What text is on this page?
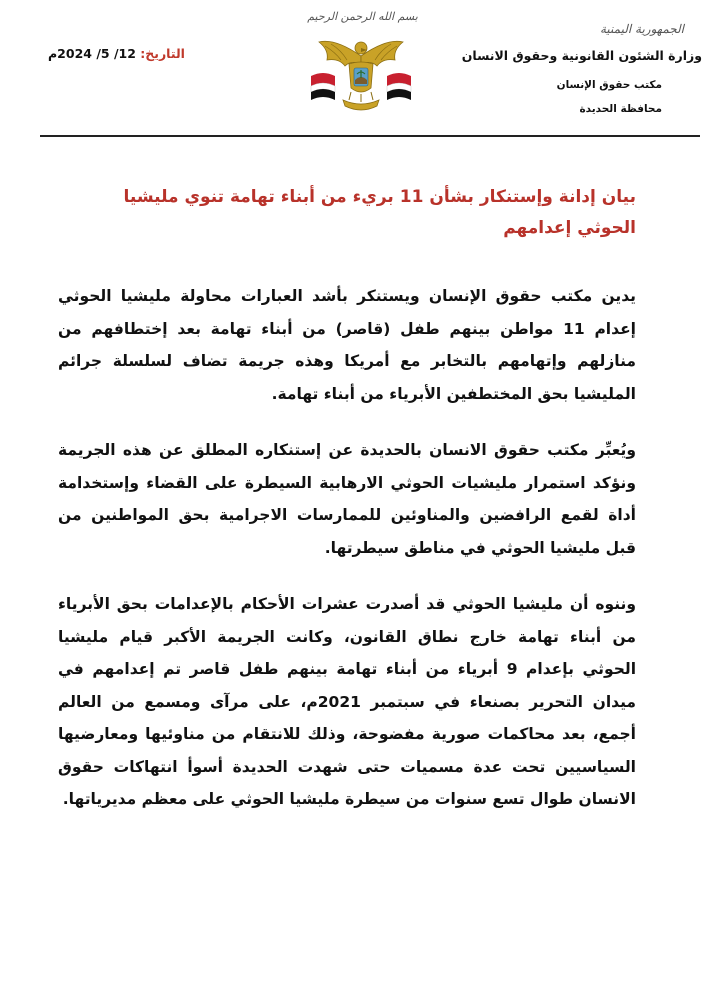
بسم الله الرحمن الرحيم
الجمهورية اليمنية
وزارة الشئون القانونية وحقوق الانسان
مكتب حقوق الإنسان
محافظة الحديدة
التاريخ: 12/ 5/ 2024م
بيان إدانة وإستنكار بشأن 11 بريء من أبناء تهامة تنوي مليشيا الحوثي إعدامهم

يدين مكتب حقوق الإنسان ويستنكر بأشد العبارات محاولة مليشيا الحوثي إعدام 11 مواطن بينهم طفل (قاصر) من أبناء تهامة بعد إختطافهم من منازلهم وإتهامهم بالتخابر مع أمريكا وهذه جريمة تضاف لسلسلة جرائم المليشيا بحق المختطفين الأبرياء من أبناء تهامة.

ويُعبِّر مكتب حقوق الانسان بالحديدة عن إستنكاره المطلق عن هذه الجريمة ونؤكد استمرار مليشيات الحوثي الارهابية السيطرة على القضاء وإستخدامة أداة لقمع الرافضين والمناوئين للممارسات الاجرامية بحق المواطنين من قبل مليشيا الحوثي في مناطق سيطرتها.

وننوه أن مليشيا الحوثي قد أصدرت عشرات الأحكام بالإعدامات بحق الأبرياء من أبناء تهامة خارج نطاق القانون، وكانت الجريمة الأكبر قيام مليشيا الحوثي بإعدام 9 أبرياء من أبناء تهامة بينهم طفل قاصر تم إعدامهم في ميدان التحرير بصنعاء في سبتمبر 2021م، على مرآى ومسمع من العالم أجمع، بعد محاكمات صورية مفضوحة، وذلك للانتقام من مناوئيها ومعارضيها السياسيين تحت عدة مسميات حتى شهدت الحديدة أسوأ انتهاكات حقوق الانسان طوال تسع سنوات من سيطرة مليشيا الحوثي على معظم مديرياتها.
